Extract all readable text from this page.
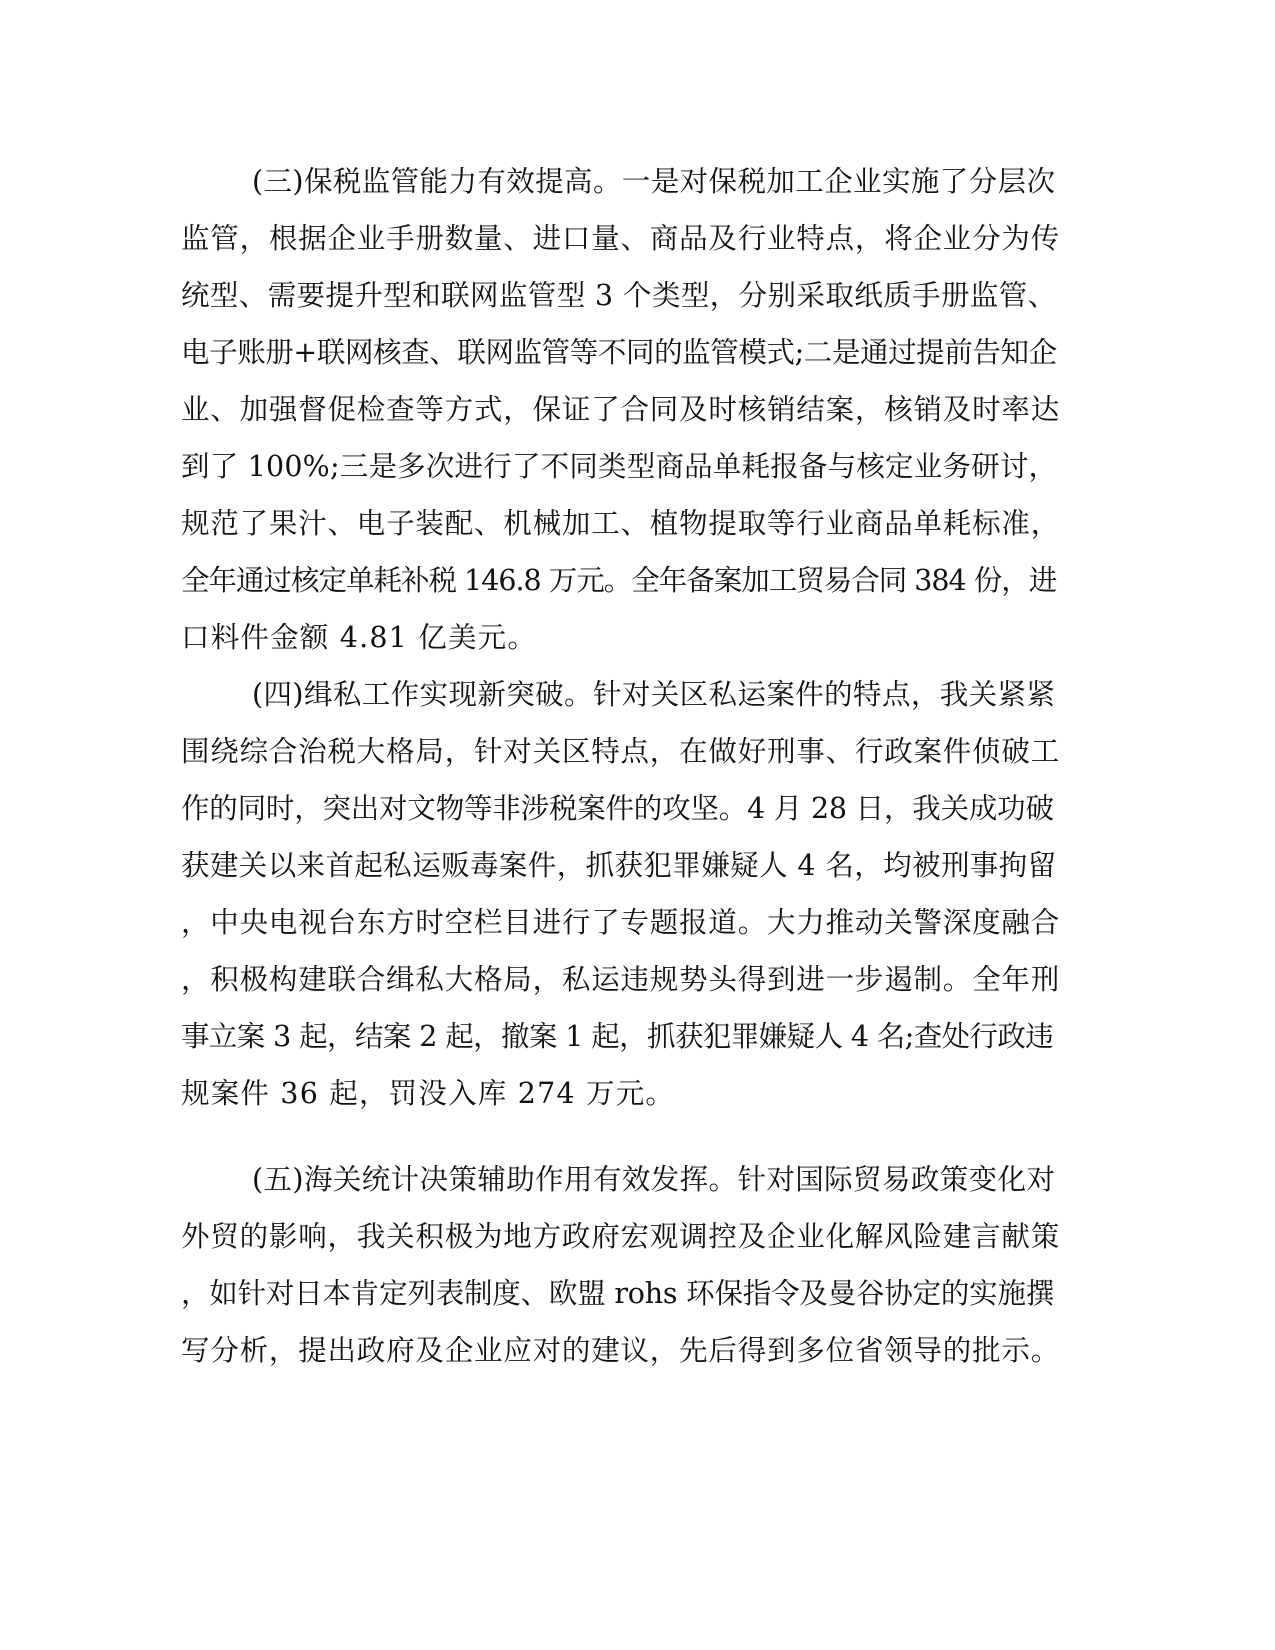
(三)保税监管能力有效提高。一是对保税加工企业实施了分层次
监管，根据企业手册数量、进口量、商品及行业特点，将企业分为传
统型、需要提升型和联网监管型 3 个类型，分别采取纸质手册监管、
电子账册+联网核查、联网监管等不同的监管模式;二是通过提前告知企
业、加强督促检查等方式，保证了合同及时核销结案，核销及时率达
到了 100%;三是多次进行了不同类型商品单耗报备与核定业务研讨，
规范了果汁、电子装配、机械加工、植物提取等行业商品单耗标准，
全年通过核定单耗补税 146.8 万元。全年备案加工贸易合同 384 份，进
口料件金额 4.81 亿美元。
(四)缉私工作实现新突破。针对关区私运案件的特点，我关紧紧
围绕综合治税大格局，针对关区特点，在做好刑事、行政案件侦破工
作的同时，突出对文物等非涉税案件的攻坚。4 月 28 日，我关成功破
获建关以来首起私运贩毒案件，抓获犯罪嫌疑人 4 名，均被刑事拘留
，中央电视台东方时空栏目进行了专题报道。大力推动关警深度融合
，积极构建联合缉私大格局，私运违规势头得到进一步遏制。全年刑
事立案 3 起，结案 2 起，撤案 1 起，抓获犯罪嫌疑人 4 名;查处行政违
规案件 36 起，罚没入库 274 万元。
(五)海关统计决策辅助作用有效发挥。针对国际贸易政策变化对
外贸的影响，我关积极为地方政府宏观调控及企业化解风险建言献策
，如针对日本肯定列表制度、欧盟 rohs 环保指令及曼谷协定的实施撰
写分析，提出政府及企业应对的建议，先后得到多位省领导的批示。
